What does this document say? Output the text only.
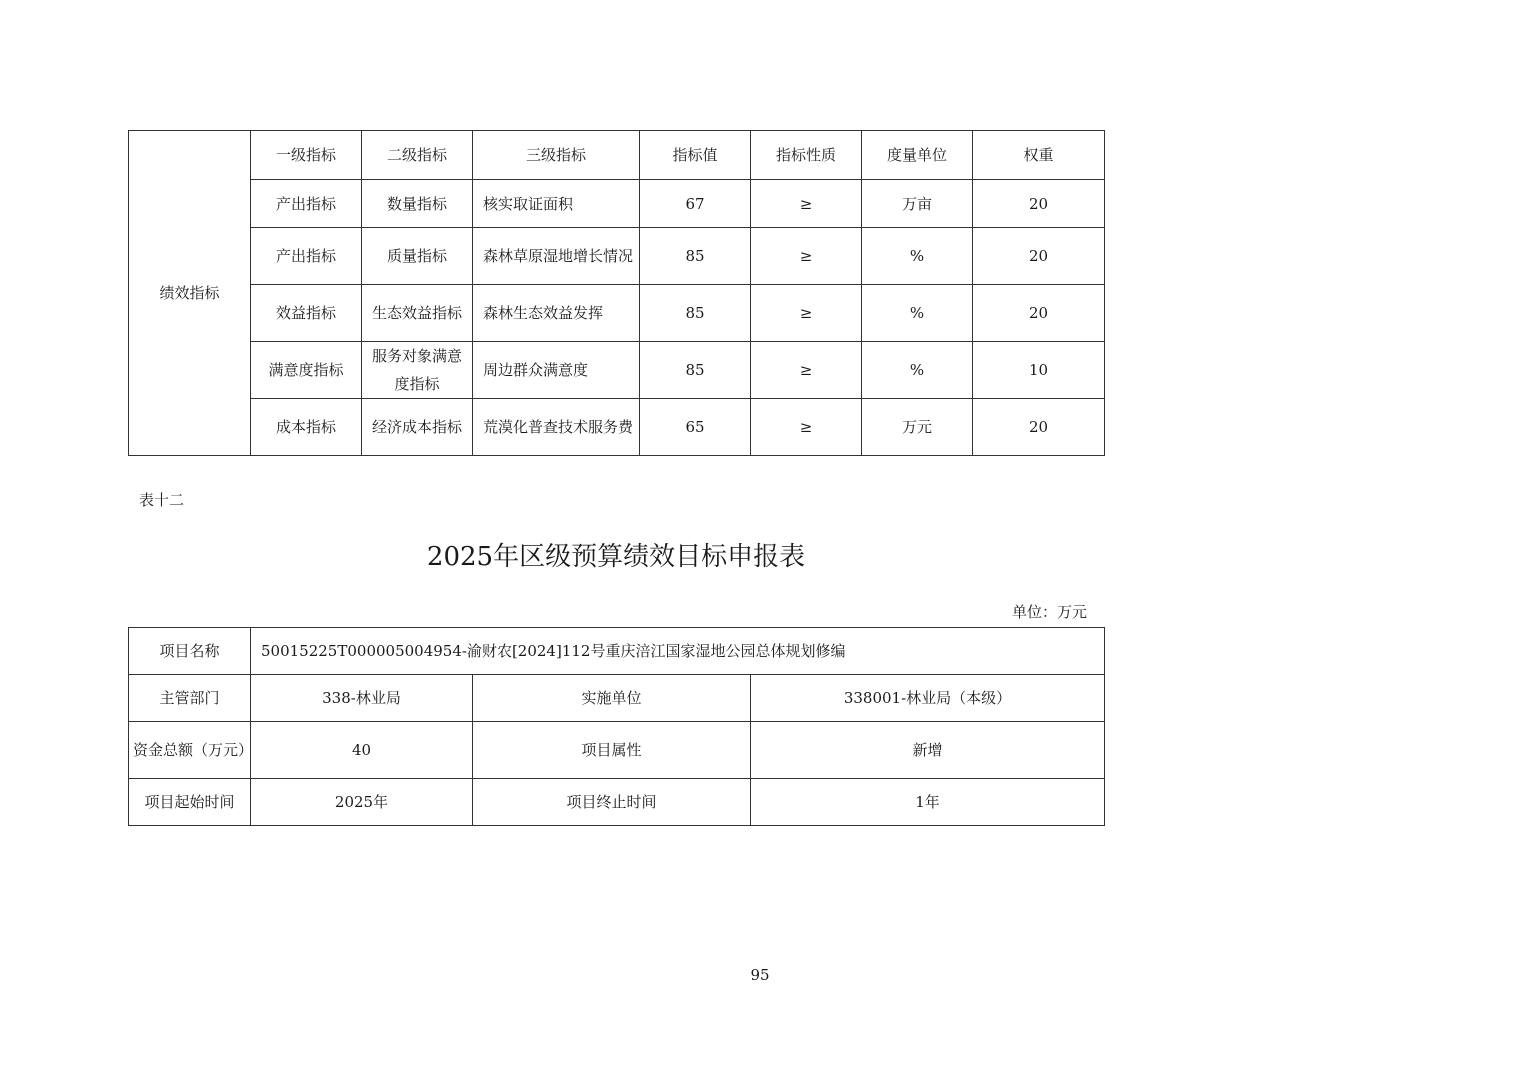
绩效指标	一级指标	二级指标	三级指标	指标值	指标性质	度量单位	权重
	产出指标	数量指标	核实取证面积	67	≥	万亩	20
	产出指标	质量指标	森林草原湿地增长情况	85	≥	%	20
	效益指标	生态效益指标	森林生态效益发挥	85	≥	%	20
	满意度指标	服务对象满意度指标	周边群众满意度	85	≥	%	10
	成本指标	经济成本指标	荒漠化普查技术服务费	65	≥	万元	20
表十二
2025年区级预算绩效目标申报表
单位：万元
项目名称	50015225T000005004954-渝财农[2024]112号重庆涪江国家湿地公园总体规划修编		
主管部门	338-林业局	实施单位	338001-林业局（本级）
资金总额（万元）	40	项目属性	新增
项目起始时间	2025年	项目终止时间	1年
95
